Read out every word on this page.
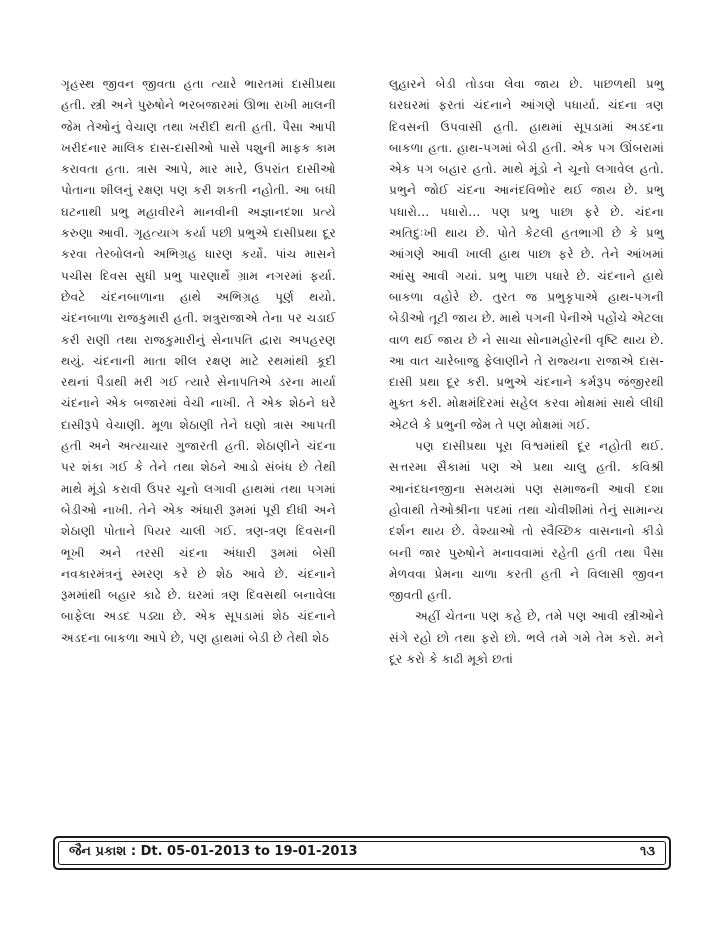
ગૃહસ્થ જીવન જીવતા હતા ત્યારે ભારતમાં દાસીપ્રથા હતી. સ્ત્રી અને પુરુષોને ભરબજારમાં ઊભા રાખી માલની જેમ તેઓનું વેચાણ તથા ખરીદી થતી હતી. પૈસા આપી ખરીદનાર માલિક દાસ-દાસીઓ પાસે પશુની માફક કામ કરાવતા હતા. ત્રાસ આપે, માર મારે, ઉપરાંત દાસીઓ પોતાના શીલનું રક્ષણ પણ કરી શકતી નહોતી. આ બધી ઘટનાથી પ્રભુ મહાવીરને માનવીની અજ્ઞાનદશા પ્રત્યે કરુણા આવી. ગૃહત્યાગ કર્યા પછી પ્રભુએ દાસીપ્રથા દૂર કરવા તેરબોલનો અભિગ્રહ ધારણ કર્યો. પાંચ માસને પચીસ દિવસ સુધી પ્રભુ પારણાર્થે ગ્રામ નગરમાં ફર્યા. છેવટે ચંદનબાળાના હાથે અભિગ્રહ પૂર્ણ થયો. ચંદનબાળા રાજકુમારી હતી. શત્રુરાજાએ તેના પર ચડાઈ કરી રાણી તથા રાજકુમારીનું સેનાપતિ દ્વારા અપહરણ થયું. ચંદનાની માતા શીલ રક્ષણ માટે રથમાંથી કૂદી રથનાં પૈડાથી મરી ગઈ ત્યારે સેનાપતિએ ડરના માર્યા ચંદનાને એક બજારમાં વેચી નાખી. તે એક શેઠને ઘરે દાસીરૂપે વેચાણી. મૂળા શેઠાણી તેને ઘણો ત્રાસ આપતી હતી અને અત્યાચાર ગુજારતી હતી. શેઠાણીને ચંદના પર શંકા ગઈ કે તેને તથા શેઠને આડો સંબંધ છે તેથી માથે મૂંડો કરાવી ઉપર ચૂનો લગાવી હાથમાં તથા પગમાં બેડીઓ નાખી. તેને એક અંધારી રૂમમાં પૂરી દીધી અને શેઠાણી પોતાને પિયર ચાલી ગઈ. ત્રણ-ત્રણ દિવસની ભૂખી અને તરસી ચંદના અંધારી રૂમમાં બેસી નવકારમંત્રનું સ્મરણ કરે છે શેઠ આવે છે. ચંદનાને રૂમમાંથી બહાર કાઢે છે. ઘરમાં ત્રણ દિવસથી બનાવેલા બાફેલા અડદ પડ્યા છે. એક સૂપડામાં શેઠ ચંદનાને અડદના બાકળા આપે છે, પણ હાથમાં બેડી છે તેથી શેઠ

લુહારને બેડી તોડવા લેવા જાય છે. પાછળથી પ્રભુ ઘરઘરમાં ફરતાં ચંદનાને આંગણે પધાર્યા. ચંદના ત્રણ દિવસની ઉપવાસી હતી. હાથમાં સૂપડામાં અડદના બાકળા હતા. હાથ-પગમાં બેડી હતી. એક પગ ઊંબરામાં એક પગ બહાર હતો. માથે મૂંડો ને ચૂનો લગાવેલ હતો. પ્રભુને જોઈ ચંદના આનંદવિભોર થઈ જાય છે. પ્રભુ પધારો... પધારો... પણ પ્રભુ પાછા ફરે છે. ચંદના અતિદુઃખી થાય છે. પોતે કેટલી હતભાગી છે કે પ્રભુ આંગણે આવી ખાલી હાથ પાછા ફરે છે. તેને આંખમાં આંસુ આવી ગયાં. પ્રભુ પાછા પધારે છે. ચંદનાને હાથે બાકળા વહોરે છે. તુરત જ પ્રભુકૃપાએ હાથ-પગની બેડીઓ તૂટી જાય છે. માથે પગની પેનીએ પહોંચે એટલા વાળ થઈ જાય છે ને સાચા સોનામહોરની વૃષ્ટિ થાય છે. આ વાત ચારેબાજુ ફેલાણીને તે રાજ્યના રાજાએ દાસ-દાસી પ્રથા દૂર કરી. પ્રભુએ ચંદનાને કર્મરૂપ જંજીરથી મુક્ત કરી. મોક્ષમંદિરમાં સહેલ કરવા મોક્ષમાં સાથે લીધી એટલે કે પ્રભુની જેમ તે પણ મોક્ષમાં ગઈ.

પણ દાસીપ્રથા પૂરા વિશ્વમાંથી દૂર નહોતી થઈ. સત્તરમા સૈકામાં પણ એ પ્રથા ચાલુ હતી. કવિશ્રી આનંદઘનજીના સમયમાં પણ સમાજની આવી દશા હોવાથી તેઓશ્રીના પદમાં તથા ચોવીશીમાં તેનું સામાન્ય દર્શન થાય છે. વેશ્યાઓ તો સ્વૈચ્છિક વાસનાનો કીડો બની જાર પુરુષોને મનાવવામાં રહેતી હતી તથા પૈસા મેળવવા પ્રેમના ચાળા કરતી હતી ને વિલાસી જીવન જીવતી હતી.

અહીં ચેતના પણ કહે છે, તમે પણ આવી સ્ત્રીઓને સંગે રહો છો તથા ફરો છો. ભલે તમે ગમે તેમ કરો. મને દૂર કરો કે કાઢી મૂકો છતાં

જૈન પ્રકાશ : Dt. 05-01-2013 to 19-01-2013	૧૩
